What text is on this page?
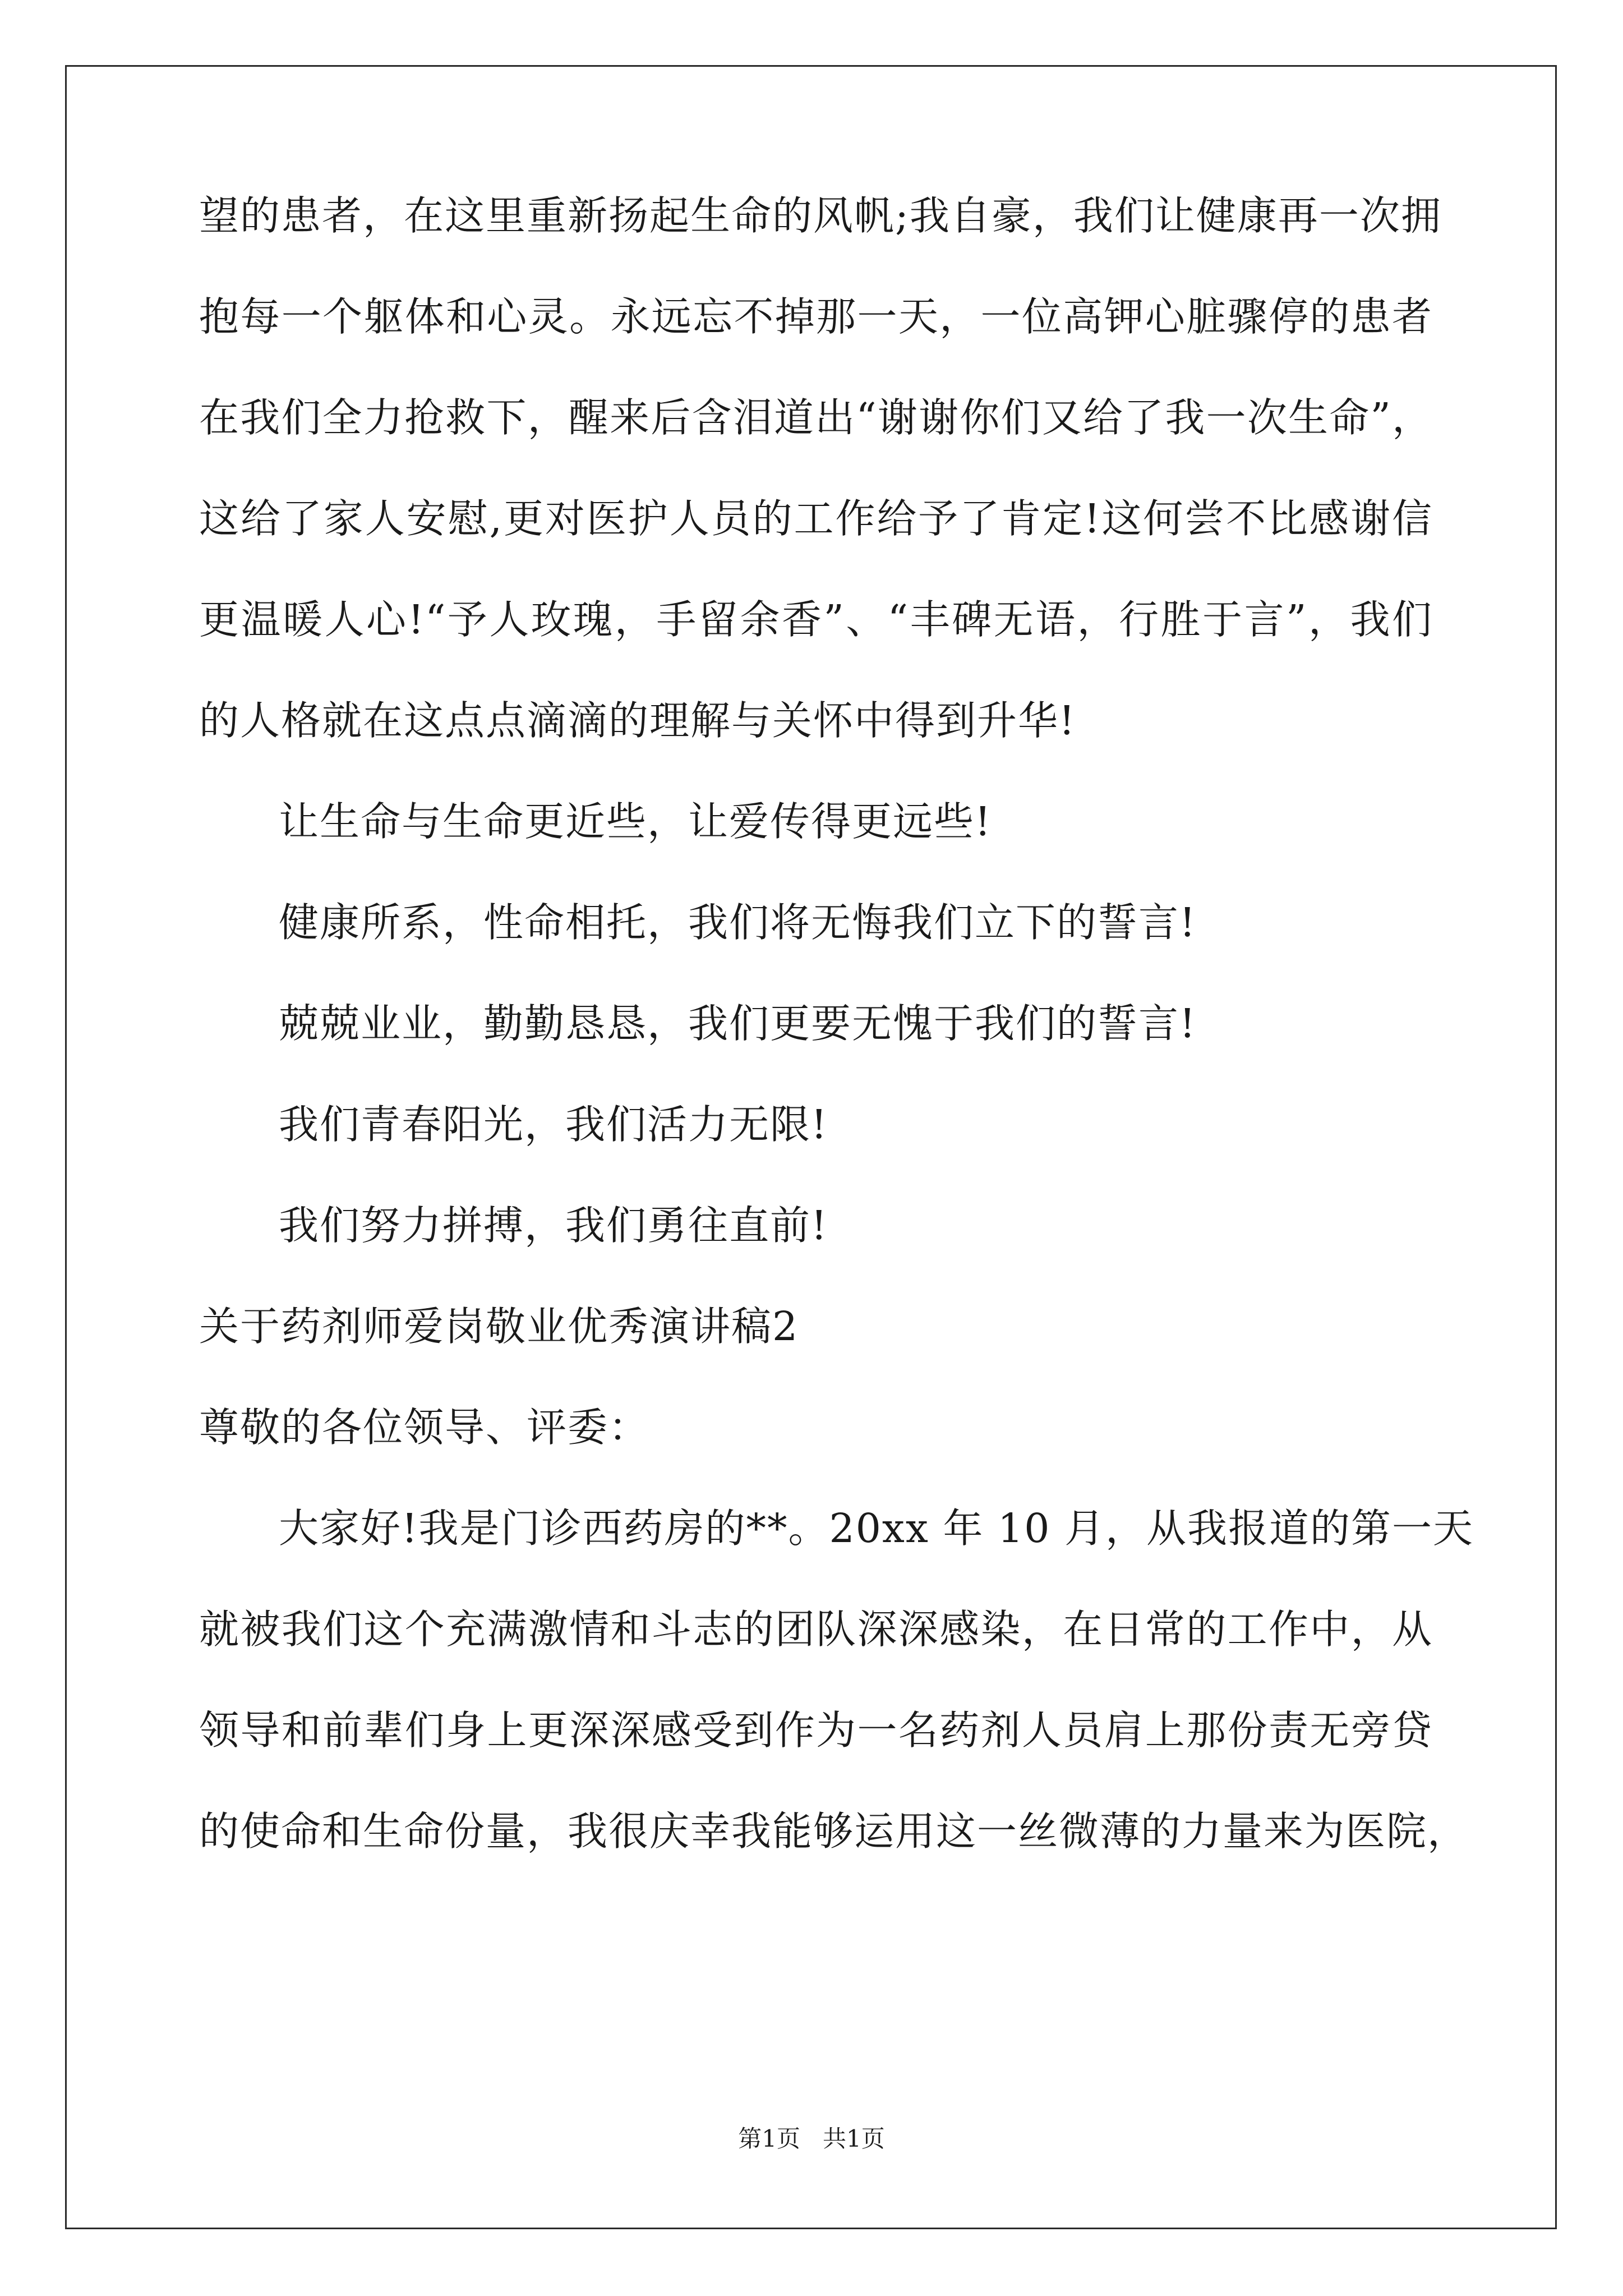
望的患者，在这里重新扬起生命的风帆;我自豪，我们让健康再一次拥
抱每一个躯体和心灵。永远忘不掉那一天，一位高钾心脏骤停的患者
在我们全力抢救下，醒来后含泪道出“谢谢你们又给了我一次生命”，
这给了家人安慰,更对医护人员的工作给予了肯定!这何尝不比感谢信
更温暖人心!“予人玫瑰，手留余香”、“丰碑无语，行胜于言”，我们
的人格就在这点点滴滴的理解与关怀中得到升华!
让生命与生命更近些，让爱传得更远些!
健康所系，性命相托，我们将无悔我们立下的誓言!
兢兢业业，勤勤恳恳，我们更要无愧于我们的誓言!
我们青春阳光，我们活力无限!
我们努力拼搏，我们勇往直前!
关于药剂师爱岗敬业优秀演讲稿2
尊敬的各位领导、评委：
大家好!我是门诊西药房的**。20xx 年 10 月，从我报道的第一天
就被我们这个充满激情和斗志的团队深深感染，在日常的工作中，从
领导和前辈们身上更深深感受到作为一名药剂人员肩上那份责无旁贷
的使命和生命份量，我很庆幸我能够运用这一丝微薄的力量来为医院，
第1页   共1页
